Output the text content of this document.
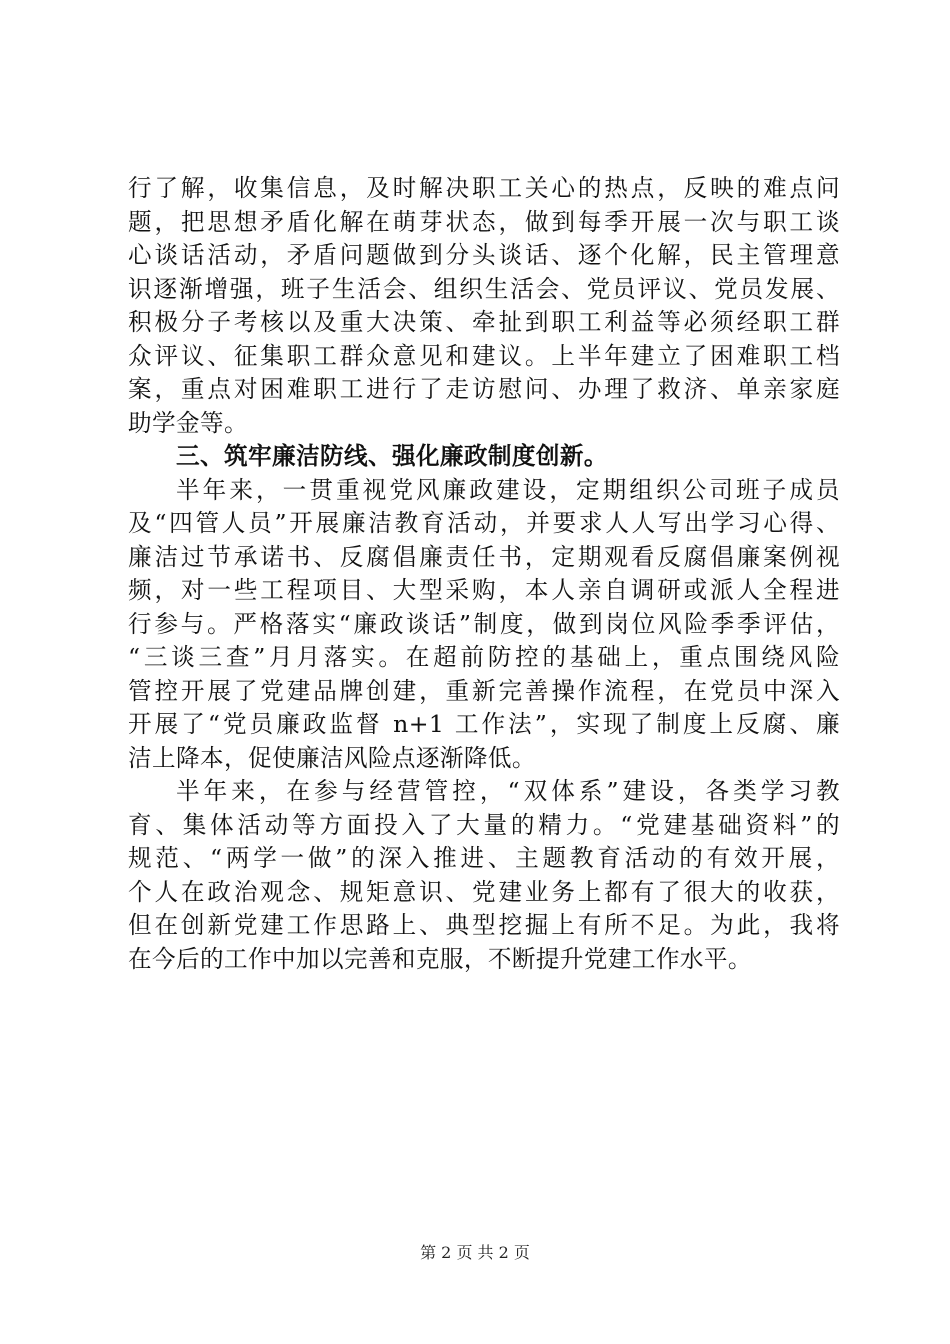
行了解，收集信息，及时解决职工关心的热点，反映的难点问
题，把思想矛盾化解在萌芽状态，做到每季开展一次与职工谈
心谈话活动，矛盾问题做到分头谈话、逐个化解，民主管理意
识逐渐增强，班子生活会、组织生活会、党员评议、党员发展、
积极分子考核以及重大决策、牵扯到职工利益等必须经职工群
众评议、征集职工群众意见和建议。上半年建立了困难职工档
案，重点对困难职工进行了走访慰问、办理了救济、单亲家庭
助学金等。
三、筑牢廉洁防线、强化廉政制度创新。
半年来，一贯重视党风廉政建设，定期组织公司班子成员
及“四管人员”开展廉洁教育活动，并要求人人写出学习心得、
廉洁过节承诺书、反腐倡廉责任书，定期观看反腐倡廉案例视
频，对一些工程项目、大型采购，本人亲自调研或派人全程进
行参与。严格落实“廉政谈话”制度，做到岗位风险季季评估，
“三谈三查”月月落实。在超前防控的基础上，重点围绕风险
管控开展了党建品牌创建，重新完善操作流程，在党员中深入
开展了“党员廉政监督 n+1 工作法”，实现了制度上反腐、廉
洁上降本，促使廉洁风险点逐渐降低。
半年来，在参与经营管控，“双体系”建设，各类学习教
育、集体活动等方面投入了大量的精力。“党建基础资料”的
规范、“两学一做”的深入推进、主题教育活动的有效开展，
个人在政治观念、规矩意识、党建业务上都有了很大的收获，
但在创新党建工作思路上、典型挖掘上有所不足。为此，我将
在今后的工作中加以完善和克服，不断提升党建工作水平。
第 2 页 共 2 页
